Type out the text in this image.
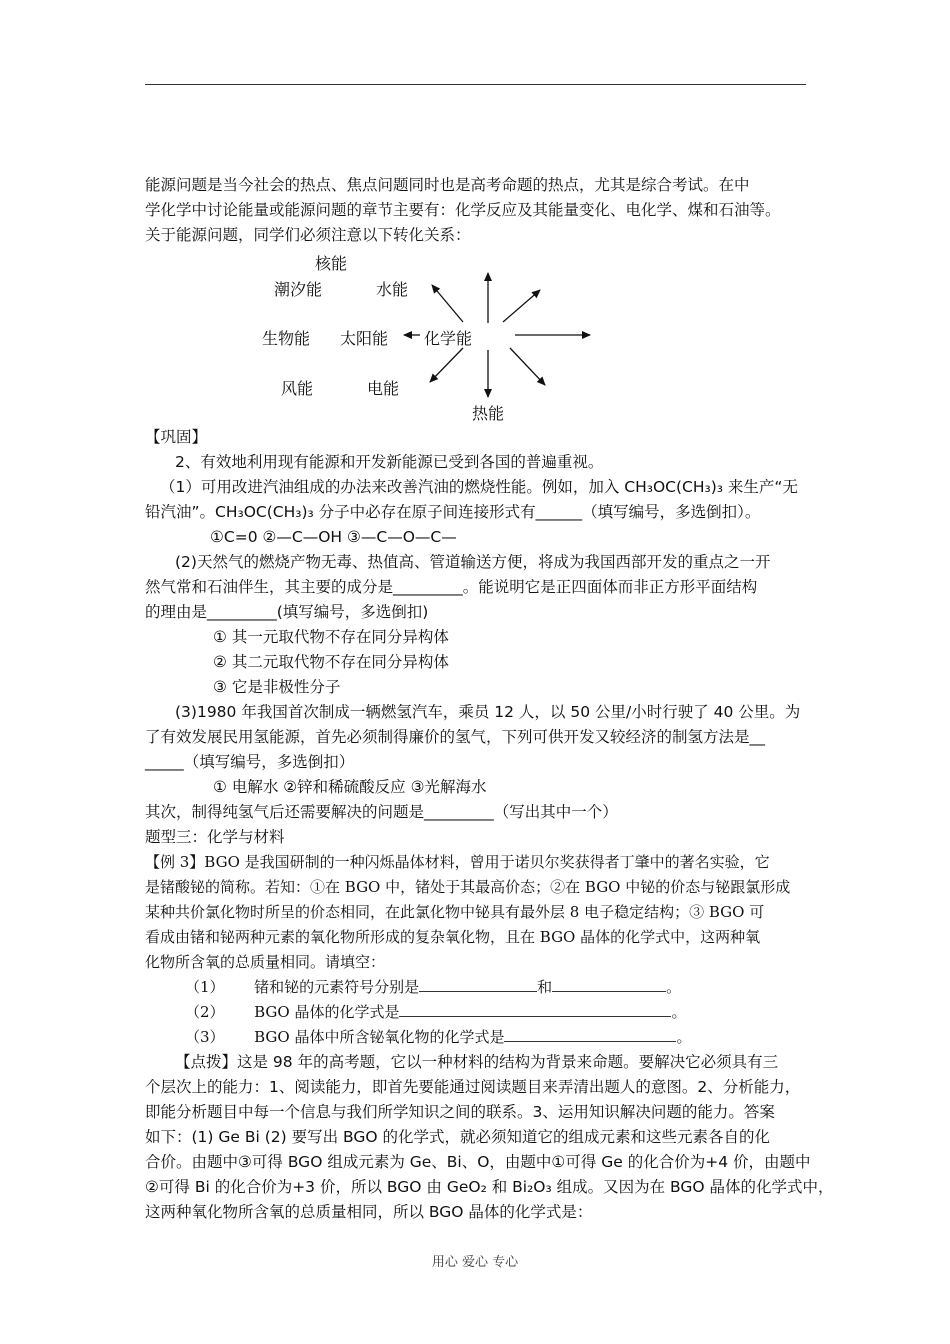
能源问题是当今社会的热点、焦点问题同时也是高考命题的热点，尤其是综合考试。在中
学化学中讨论能量或能源问题的章节主要有：化学反应及其能量变化、电化学、煤和石油等。
关于能源问题，同学们必须注意以下转化关系：
核能
潮汐能	水能
生物能 太阳能 化学能
风能	电能
热能
【巩固】
2、有效地利用现有能源和开发新能源已受到各国的普遍重视。
（1）可用改进汽油组成的办法来改善汽油的燃烧性能。例如，加入 CH₃OC(CH₃)₃ 来生产“无
铅汽油”。CH₃OC(CH₃)₃ 分子中必存在原子间连接形式有______（填写编号，多选倒扣）。
①C=0 ②—C—OH ③—C—O—C—
(2)天然气的燃烧产物无毒、热值高、管道输送方便，将成为我国西部开发的重点之一开
然气常和石油伴生，其主要的成分是_________。能说明它是正四面体而非正方形平面结构
的理由是_________(填写编号，多选倒扣)
① 其一元取代物不存在同分异构体
② 其二元取代物不存在同分异构体
③ 它是非极性分子
(3)1980 年我国首次制成一辆燃氢汽车，乘员 12 人，以 50 公里/小时行驶了 40 公里。为
了有效发展民用氢能源，首先必须制得廉价的氢气，下列可供开发又较经济的制氢方法是__
_____（填写编号，多选倒扣）
① 电解水 ②锌和稀硫酸反应 ③光解海水
其次，制得纯氢气后还需要解决的问题是_________（写出其中一个）
题型三：化学与材料
【例 3】BGO 是我国研制的一种闪烁晶体材料，曾用于诺贝尔奖获得者丁肇中的著名实验，它
是锗酸铋的简称。若知：①在 BGO 中，锗处于其最高价态；②在 BGO 中铋的价态与铋跟氯形成
某种共价氯化物时所呈的价态相同，在此氯化物中铋具有最外层 8 电子稳定结构；③ BGO 可
看成由锗和铋两种元素的氧化物所形成的复杂氧化物，且在 BGO 晶体的化学式中，这两种氧
化物所含氧的总质量相同。请填空：
（1） 锗和铋的元素符号分别是	和	。
（2） BGO 晶体的化学式是	。
（3） BGO 晶体中所含铋氧化物的化学式是	。
【点拨】这是 98 年的高考题，它以一种材料的结构为背景来命题。要解决它必须具有三
个层次上的能力：1、阅读能力，即首先要能通过阅读题目来弄清出题人的意图。2、分析能力，
即能分析题目中每一个信息与我们所学知识之间的联系。3、运用知识解决问题的能力。答案
如下：(1) Ge Bi (2) 要写出 BGO 的化学式，就必须知道它的组成元素和这些元素各自的化
合价。由题中③可得 BGO 组成元素为 Ge、Bi、O，由题中①可得 Ge 的化合价为+4 价，由题中
②可得 Bi 的化合价为+3 价，所以 BGO 由 GeO₂ 和 Bi₂O₃ 组成。又因为在 BGO 晶体的化学式中，
这两种氧化物所含氧的总质量相同，所以 BGO 晶体的化学式是：
用心 爱心 专心
